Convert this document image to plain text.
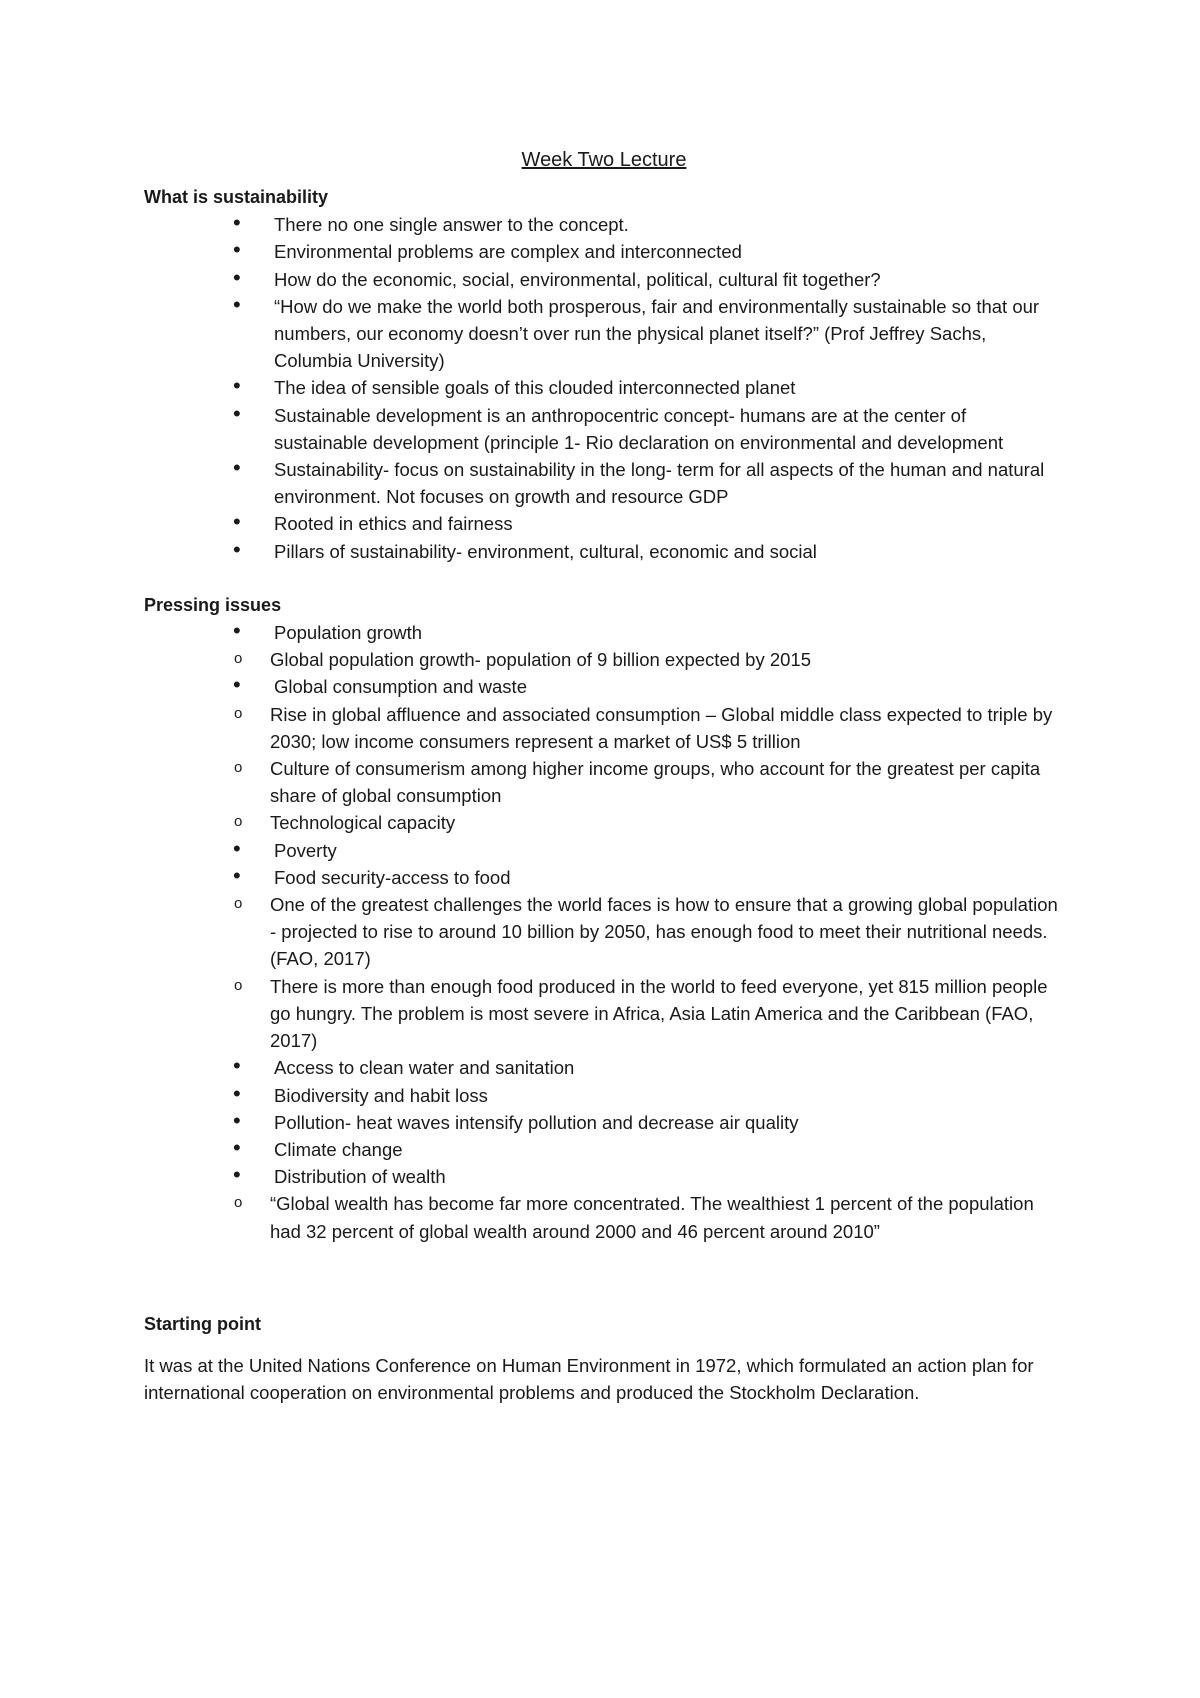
Week Two Lecture
What is sustainability
• There no one single answer to the concept.
• Environmental problems are complex and interconnected
• How do the economic, social, environmental, political, cultural fit together?
• “How do we make the world both prosperous, fair and environmentally sustainable so that our numbers, our economy doesn’t over run the physical planet itself?” (Prof Jeffrey Sachs, Columbia University)
• The idea of sensible goals of this clouded interconnected planet
• Sustainable development is an anthropocentric concept- humans are at the center of sustainable development (principle 1- Rio declaration on environmental and development
• Sustainability- focus on sustainability in the long- term for all aspects of the human and natural environment. Not focuses on growth and resource GDP
• Rooted in ethics and fairness
• Pillars of sustainability- environment, cultural, economic and social
Pressing issues
• Population growth
o Global population growth- population of 9 billion expected by 2015
• Global consumption and waste
o Rise in global affluence and associated consumption – Global middle class expected to triple by 2030; low income consumers represent a market of US$ 5 trillion
o Culture of consumerism among higher income groups, who account for the greatest per capita share of global consumption
o Technological capacity
• Poverty
• Food security-access to food
o One of the greatest challenges the world faces is how to ensure that a growing global population - projected to rise to around 10 billion by 2050, has enough food to meet their nutritional needs. (FAO, 2017)
o There is more than enough food produced in the world to feed everyone, yet 815 million people go hungry. The problem is most severe in Africa, Asia Latin America and the Caribbean (FAO, 2017)
• Access to clean water and sanitation
• Biodiversity and habit loss
• Pollution- heat waves intensify pollution and decrease air quality
• Climate change
• Distribution of wealth
o “Global wealth has become far more concentrated. The wealthiest 1 percent of the population had 32 percent of global wealth around 2000 and 46 percent around 2010”
Starting point

It was at the United Nations Conference on Human Environment in 1972, which formulated an action plan for international cooperation on environmental problems and produced the Stockholm Declaration.
